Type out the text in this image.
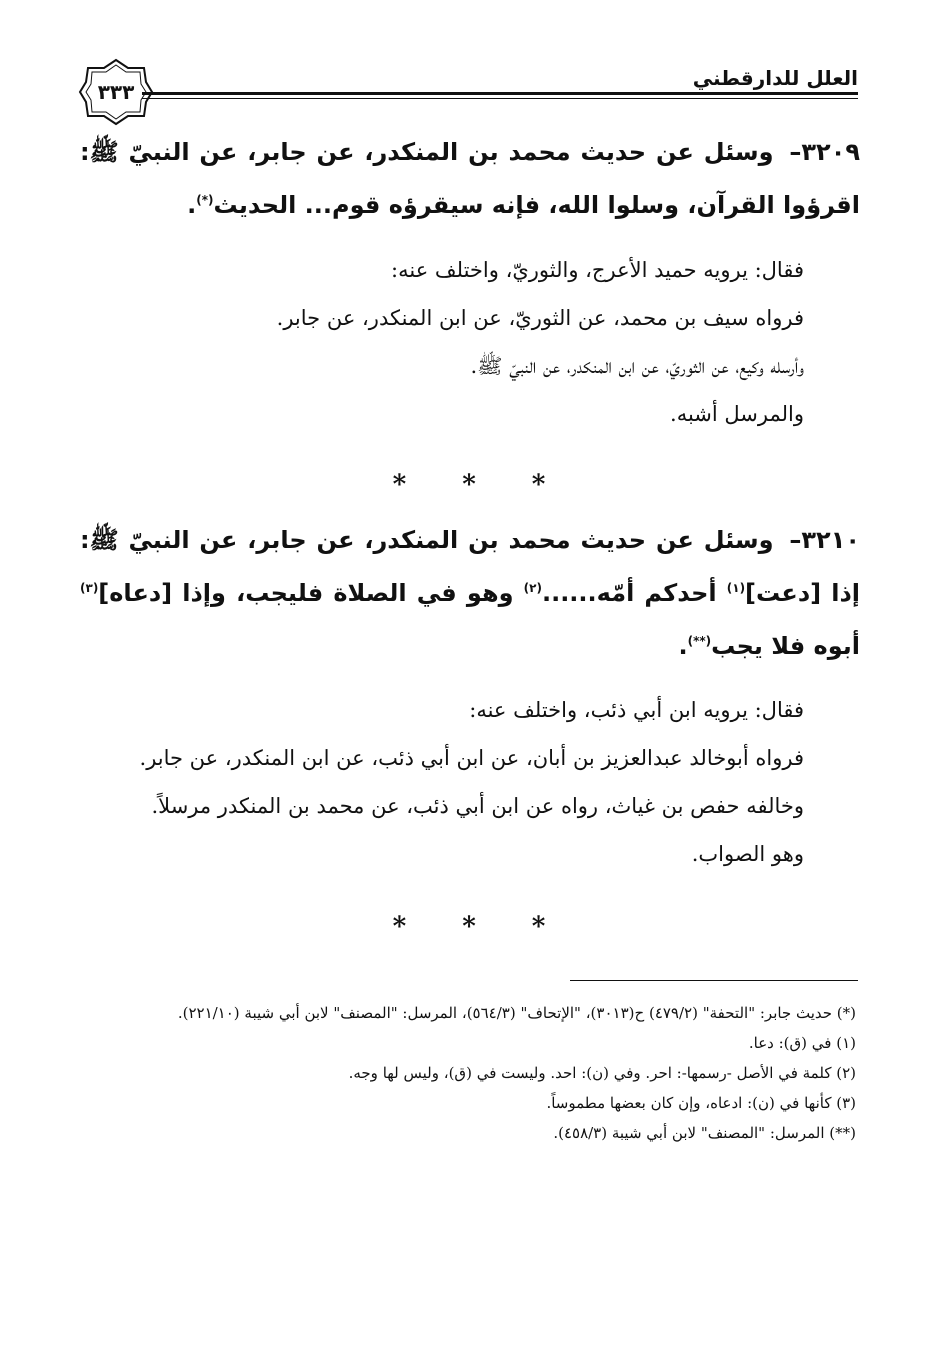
العلل للدارقطني
٣٣٣
٣٢٠٩– وسئل عن حديث محمد بن المنكدر، عن جابر، عن النبيّ ﷺ: اقرؤوا القرآن، وسلوا الله، فإنه سيقرؤه قوم... الحديث(*).

فقال: يرويه حميد الأعرج، والثوريّ، واختلف عنه:

فرواه سيف بن محمد، عن الثوريّ، عن ابن المنكدر، عن جابر.

وأرسله وكيع، عن الثوريّ، عن ابن المنكدر، عن النبيّ ﷺ.

والمرسل أشبه.

* * *
٣٢١٠– وسئل عن حديث محمد بن المنكدر، عن جابر، عن النبيّ ﷺ: إذا [دعت]$^{(١)}$ أحدكم أمّه......$^{(٢)}$ وهو في الصلاة فليجب، وإذا [دعاه]$^{(٣)}$ أبوه فلا يجب(**).

فقال: يرويه ابن أبي ذئب، واختلف عنه:

فرواه أبوخالد عبدالعزيز بن أبان، عن ابن أبي ذئب، عن ابن المنكدر، عن جابر.

وخالفه حفص بن غياث، رواه عن ابن أبي ذئب، عن محمد بن المنكدر مرسلاً.

وهو الصواب.

* * *

(*) حديث جابر: "التحفة" (٤٧٩/٢) ح(٣٠١٣)، "الإتحاف" (٥٦٤/٣)، المرسل: "المصنف" لابن أبي شيبة (٢٢١/١٠).

(١) في (ق): دعا.

(٢) كلمة في الأصل -رسمها-: احر. وفي (ن): احد. وليست في (ق)، وليس لها وجه.

(٣) كأنها في (ن): ادعاه، وإن كان بعضها مطموساً.

(**) المرسل: "المصنف" لابن أبي شيبة (٤٥٨/٣).
